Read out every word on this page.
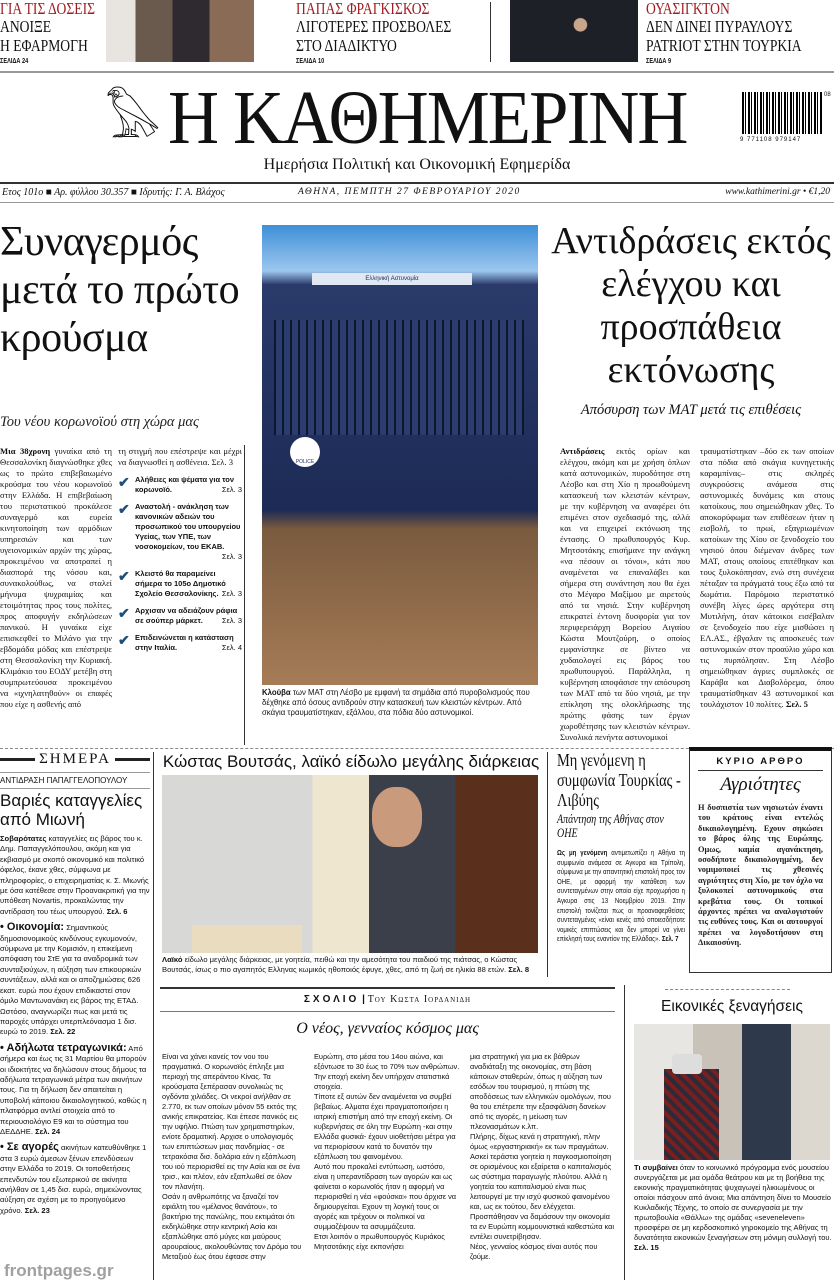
ΓΙΑ ΤΙΣ ΔΟΣΕΙΣ
ΑΝΟΙΞΕ
Η ΕΦΑΡΜΟΓΗ
ΣΕΛΙΔΑ 24
ΠΑΠΑΣ ΦΡΑΓΚΙΣΚΟΣ
ΛΙΓΟΤΕΡΕΣ ΠΡΟΣΒΟΛΕΣ
ΣΤΟ ΔΙΑΔΙΚΤΥΟ
ΣΕΛΙΔΑ 10
ΟΥΑΣΙΓΚΤΟΝ
ΔΕΝ ΔΙΝΕΙ ΠΥΡΑΥΛΟΥΣ
PATRIOT ΣΤΗΝ ΤΟΥΡΚΙΑ
ΣΕΛΙΔΑ 9
𓅃 Η ΚΑΘΗΜΕΡΙΝΗ	08
9 771108 979147
Ημερήσια Πολιτική και Οικονομική Εφημερίδα
Ετος 101ο ■ Αρ. φύλλου 30.357 ■ Ιδρυτής: Γ. Α. Βλάχος	ΑΘΗΝΑ, ΠΕΜΠΤΗ 27 ΦΕΒΡΟΥΑΡΙΟΥ 2020	www.kathimerini.gr • €1,20
Συναγερμός μετά το πρώτο κρούσμα
Του νέου κορωνοϊού στη χώρα μας
Μια 38χρονη γυναίκα από τη Θεσσαλονίκη διαγνώσθηκε χθες ως το πρώτο επιβεβαιωμένο κρούσμα του νέου κορωνοϊού στην Ελλάδα. Η επιβεβαίωση του περιστατικού προκάλεσε συναγερμό και ευρεία κινητοποίηση των αρμόδιων υπηρεσιών και των υγειονομικών αρχών της χώρας, προκειμένου να αποτραπεί η διασπορά της νόσου και, συνακολούθως, να σταλεί μήνυμα ψυχραιμίας και ετοιμότητας προς τους πολίτες, προς αποφυγήν εκδηλώσεων πανικού. Η γυναίκα είχε επισκεφθεί το Μιλάνο για την εβδομάδα μόδας και επέστρεψε στη Θεσσαλονίκη την Κυριακή. Κλιμάκιο του ΕΟΔΥ μετέβη στη συμπρωτεύουσα προκειμένου να «ιχνηλατηθούν» οι επαφές που είχε η ασθενής από
τη στιγμή που επέστρεψε και μέχρι να διαγνωσθεί η ασθένεια. Σελ. 3
✔ Αλήθειες και ψέματα για τον κορωνοϊό.	Σελ. 3
✔ Αναστολή - ανάκληση των κανονικών αδειών του προσωπικού του υπουργείου Υγείας, των ΥΠΕ, των νοσοκομείων, του ΕΚΑΒ.
Σελ. 3
✔ Κλειστό θα παραμείνει σήμερα το 105ο Δημοτικό Σχολείο Θεσσαλονίκης. Σελ. 3
✔ Αρχισαν να αδειάζουν ράφια σε σούπερ μάρκετ.	Σελ. 3
✔ Επιδεινώνεται η κατάσταση στην Ιταλία.	Σελ. 4
Ελληνική Αστυνομία
POLICE
Κλούβα των ΜΑΤ στη Λέσβο με εμφανή τα σημάδια από πυροβολισμούς που δέχθηκε από όσους αντιδρούν στην κατασκευή των κλειστών κέντρων. Από σκάγια τραυματίστηκαν, εξάλλου, στα πόδια δύο αστυνομικοί.
Αντιδράσεις εκτός ελέγχου και προσπάθεια εκτόνωσης
Απόσυρση των ΜΑΤ μετά τις επιθέσεις
Αντιδράσεις εκτός ορίων και ελέγχου, ακόμη και με χρήση όπλων κατά αστυνομικών, πυροδότησε στη Λέσβο και στη Χίο η προωθούμενη κατασκευή των κλειστών κέντρων, με την κυβέρνηση να αναφέρει ότι επιμένει στον σχεδιασμό της, αλλά και να επιχειρεί εκτόνωση της έντασης. Ο πρωθυπουργός Κυρ. Μητσοτάκης επισήμανε την ανάγκη «να πέσουν οι τόνοι», κάτι που αναμένεται να επαναλάβει και σήμερα στη συνάντηση που θα έχει στο Μέγαρο Μαξίμου με αιρετούς από τα νησιά. Στην κυβέρνηση επικρατεί έντονη δυσφορία για τον περιφερειάρχη Βορείου Αιγαίου Κώστα Μουτζούρη, ο οποίος εμφανίστηκε σε βίντεο να χυδαιολογεί εις βάρος του πρωθυπουργού. Παράλληλα, η κυβέρνηση αποφάσισε την απόσυρση των ΜΑΤ από τα δύο νησιά, με την επίκληση της ολοκλήρωσης της πρώτης φάσης των έργων χωροθέτησης των κλειστών κέντρων. Συνολικά πενήντα αστυνομικοί
τραυματίστηκαν –δύο εκ των οποίων στα πόδια από σκάγια κυνηγετικής καραμπίνας– στις σκληρές συγκρούσεις ανάμεσα στις αστυνομικές δυνάμεις και στους κατοίκους, που σημειώθηκαν χθες. Το αποκορύφωμα των επιθέσεων ήταν η εισβολή, το πρωί, εξαγριωμένων κατοίκων της Χίου σε ξενοδοχείο του νησιού όπου διέμεναν άνδρες των ΜΑΤ, στους οποίους επιτέθηκαν και τους ξυλοκόπησαν, ενώ στη συνέχεια πέταξαν τα πράγματά τους έξω από τα δωμάτια. Παρόμοιο περιστατικό συνέβη λίγες ώρες αργότερα στη Μυτιλήνη, όταν κάτοικοι εισέβαλαν σε ξενοδοχείο που είχε μισθώσει η ΕΛ.ΑΣ., έβγαλαν τις αποσκευές των αστυνομικών στον προαύλιο χώρο και τις πυρπόλησαν. Στη Λέσβο σημειώθηκαν άγριες συμπλοκές σε Καράβα και Διαβολόρεμα, όπου τραυματίσθηκαν 43 αστυνομικοί και τουλάχιστον 10 πολίτες. Σελ. 5
ΣΗΜΕΡΑ
ΑΝΤΙΔΡΑΣΗ ΠΑΠΑΓΓΕΛΟΠΟΥΛΟΥ
Βαριές καταγγελίες από Μιωνή
Σοβαρότατες καταγγελίες εις βάρος του κ. Δημ. Παπαγγελόπουλου, ακόμη και για εκβιασμό με σκοπό οικονομικό και πολιτικό όφελος, έκανε χθες, σύμφωνα με πληροφορίες, ο επιχειρηματίας κ. Σ. Μιωνής με όσα κατέθεσε στην Προανακριτική για την υπόθεση Novartis, προκαλώντας την αντίδραση του τέως υπουργού. Σελ. 6
• Οικονομία: Σημαντικούς δημοσιονομικούς κινδύνους εγκυμονούν, σύμφωνα με την Κομισιόν, η επικείμενη απόφαση του ΣτΕ για τα αναδρομικά των συνταξιούχων, η αύξηση των επικουρικών συντάξεων, αλλά και οι αποζημιώσεις 626 εκατ. ευρώ που έχουν επιδικαστεί στον όμιλο Μαντωνανάκη εις βάρος της ΕΤΑΔ. Ωστόσο, αναγνωρίζει πως και μετά τις παροχές υπάρχει υπερπλεόνασμα 1 δισ. ευρώ το 2019. Σελ. 22
• Αδήλωτα τετραγωνικά: Από σήμερα και έως τις 31 Μαρτίου θα μπορούν οι ιδιοκτήτες να δηλώσουν στους δήμους τα αδήλωτα τετραγωνικά μέτρα των ακινήτων τους. Για τη δήλωση δεν απαιτείται η υποβολή κάποιου δικαιολογητικού, καθώς η πλατφόρμα αντλεί στοιχεία από το περιουσιολόγιο Ε9 και το σύστημα του ΔΕΔΔΗΕ. Σελ. 24
• Σε αγορές ακινήτων κατευθύνθηκε 1 στα 3 ευρώ άμεσων ξένων επενδύσεων στην Ελλάδα το 2019. Οι τοποθετήσεις επενδυτών του εξωτερικού σε ακίνητα ανήλθαν σε 1,45 δισ. ευρώ, σημειώνοντας αύξηση σε σχέση με το προηγούμενο χρόνο. Σελ. 23
frontpages.gr
Κώστας Βουτσάς, λαϊκό είδωλο μεγάλης διάρκειας
Λαϊκό είδωλο μεγάλης διάρκειας, με γοητεία, πειθώ και την αμεσότητα του παιδιού της πιάτσας, ο Κώστας Βουτσάς, ίσως ο πιο αγαπητός Ελληνας κωμικός ηθοποιός έφυγε, χθες, από τη ζωή σε ηλικία 88 ετών. Σελ. 8
Μη γενόμενη η συμφωνία Τουρκίας - Λιβύης
Απάντηση της Αθήνας στον ΟΗΕ
Ως μη γενόμενη αντιμετωπίζει η Αθήνα τη συμφωνία ανάμεσα σε Αγκυρα και Τρίπολη, σύμφωνα με την απαντητική επιστολή προς τον ΟΗΕ, με αφορμή την κατάθεση των συντεταγμένων στην οποία είχε προχωρήσει η Αγκυρα στις 13 Νοεμβρίου 2019. Στην επιστολή τονίζεται πως οι προαναφερθείσες συντεταγμένες «είναι κενές από οποιεσδήποτε νομικές επιπτώσεις και δεν μπορεί να γίνει επίκλησή τους εναντίον της Ελλάδας». Σελ. 7
ΚΥΡΙΟ ΑΡΘΡΟ
Αγριότητες
Η δυσπιστία των νησιωτών έναντι του κράτους είναι εντελώς δικαιολογημένη. Εχουν σηκώσει το βάρος όλης της Ευρώπης. Ομως, καμία αγανάκτηση, οσοδήποτε δικαιολογημένη, δεν νομιμοποιεί τις χθεσινές αγριότητες στη Χίο, με τον όχλο να ξυλοκοπεί αστυνομικούς στα κρεβάτια τους. Οι τοπικοί άρχοντες πρέπει να αναλογιστούν τις ευθύνες τους. Και οι αυτουργοί πρέπει να λογοδοτήσουν στη Δικαιοσύνη.
ΣΧΟΛΙΟ | Του Κωστα Ιορδανιδη
Ο νέος, γενναίος κόσμος μας
Είναι να χάνει κανείς τον νου του πραγματικά. Ο κορωνοϊός έπληξε μια περιοχή της απεράντου Κίνας. Τα κρούσματα ξεπέρασαν συνολικώς τις ογδόντα χιλιάδες. Οι νεκροί ανήλθαν σε 2.770, εκ των οποίων μόνον 55 εκτός της ανικής επικρατείας. Και έπεσε πανικός εις την υφήλιο. Πτώση των χρηματιστηρίων, ενίοτε δραματική. Αρχισε ο υπολογισμός των επιπτώσεων μιας πανδημίας - σε τετρακόσια δισ. δολάρια εάν η εξάπλωση του ιού περιορισθεί εις την Ασία και σε ένα τρισ., και πλέον, εάν εξαπλωθεί σε όλον τον πλανήτη.
Οσάν η ανθρωπότης να ξαναζεί τον εφιάλτη του «μέλανος θανάτου», το βακτήριο της πανώλης, που εκτιμάται ότι εκδηλώθηκε στην κεντρική Ασία και εξαπλώθηκε από μύγες και μαύρους αρουραίους, ακολουθώντας τον Δρόμο του Μεταξιού έως ότου έφτασε στην
Ευρώπη, στο μέσα του 14ου αιώνα, και εξόντωσε το 30 έως το 70% των ανθρώπων. Την εποχή εκείνη δεν υπήρχαν στατιστικά στοιχεία.
Τίποτε εξ αυτών δεν αναμένεται να συμβεί βεβαίως. Αλματα έχει πραγματοποιήσει η ιατρική επιστήμη από την εποχή εκείνη. Οι κυβερνήσεις σε όλη την Ευρώπη -και στην Ελλάδα φυσικά- έχουν υιοθετήσει μέτρα για να περιορίσουν κατά το δυνατόν την εξάπλωση του φαινομένου.
Αυτό που προκαλεί εντύπωση, ωστόσο, είναι η υπεραντίδραση των αγορών και ως φαίνεται ο κορωνοϊός ήταν η αφορμή να περιορισθεί η νέα «φούσκα» που άρχισε να δημιουργείται. Εχουν τη λογική τους οι αγορές και τρέχουν οι πολιτικοί να συμμαζέψουν τα ασυμμάζευτα.
Ετσι λοιπόν ο πρωθυπουργός Κυριάκος Μητσοτάκης είχε εκπονήσει
μια στρατηγική για μια εκ βάθρων αναδιάταξη της οικονομίας, στη βάση κάποιων σταθερών, όπως η αύξηση των εσόδων του τουρισμού, η πτώση της αποδόσεως των ελληνικών ομολόγων, που θα του επέτρεπε την εξασφάλιση δανείων από τις αγορές, η μείωση των πλεονασμάτων κ.λπ.
Πλήρης, δίχως κενά η στρατηγική, πλην όμως «εργαστηριακή» εκ των πραγμάτων. Ασκεί τεράστια γοητεία η παγκοσμιοποίηση σε ορισμένους και εξαίρεται ο καπιταλισμός ως σύστημα παραγωγής πλούτου. Αλλά η γοητεία του καπιταλισμού είναι πως λειτουργεί με την ισχύ φυσικού φαινομένου και, ως εκ τούτου, δεν ελέγχεται.
Προσπάθησαν να δαμάσουν την οικονομία τα εν Ευρώπη κομμουνιστικά καθεστώτα και εντέλει συνετρίβησαν.
Νέος, γενναίος κόσμος είναι αυτός που ζούμε.
Εικονικές ξεναγήσεις
Τι συμβαίνει όταν το κοινωνικό πρόγραμμα ενός μουσείου συνεργάζεται με μια ομάδα θεάτρου και με τη βοήθεια της εικονικής πραγματικότητας ψυχαγωγεί ηλικιωμένους οι οποίοι πάσχουν από άνοια; Μια απάντηση δίνει το Μουσείο Κυκλαδικής Τέχνης, το οποίο σε συνεργασία με την πρωτοβουλία «Θάλλω» της ομάδας «seveneleven» προσφέρει σε μη κερδοσκοπικό γηροκομείο της Αθήνας τη δυνατότητα εικονικών ξεναγήσεων στη μόνιμη συλλογή του. Σελ. 15
